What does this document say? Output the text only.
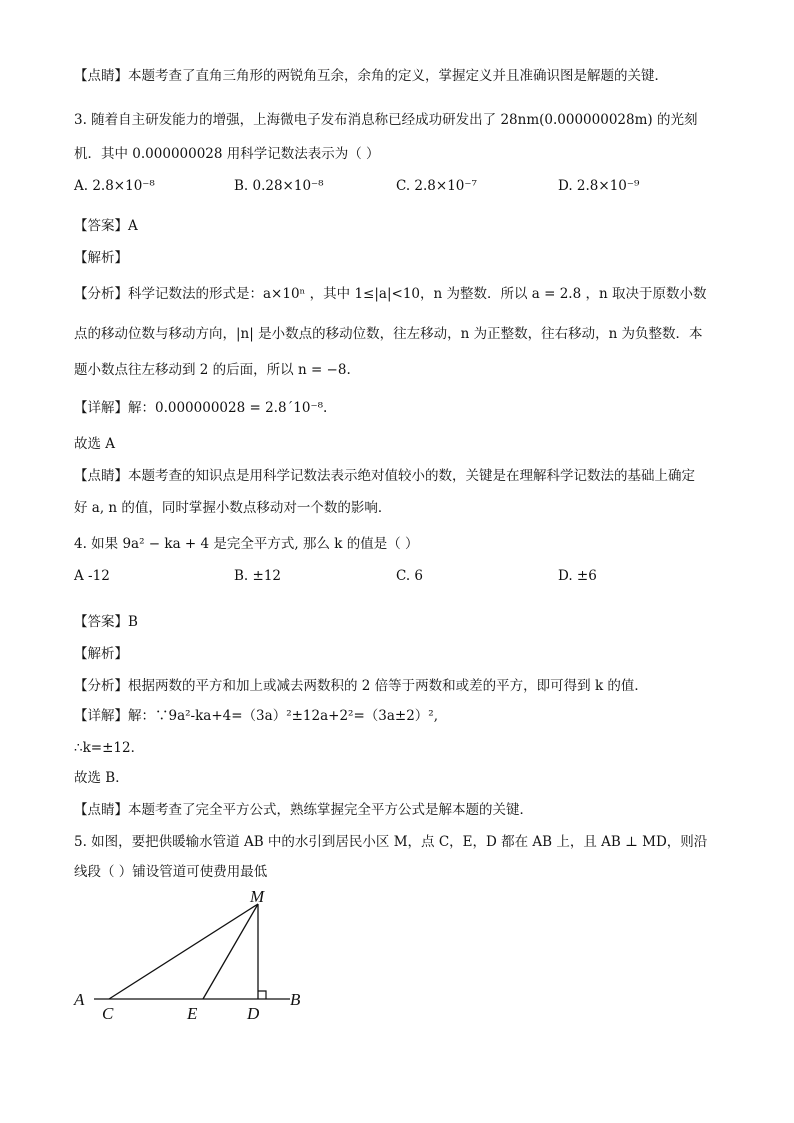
【点睛】本题考查了直角三角形的两锐角互余，余角的定义，掌握定义并且准确识图是解题的关键．
3. 随着自主研发能力的增强，上海微电子发布消息称已经成功研发出了 28nm(0.000000028m) 的光刻
机．其中 0.000000028 用科学记数法表示为（ ）
A. 2.8×10⁻⁸	B. 0.28×10⁻⁸	C. 2.8×10⁻⁷	D. 2.8×10⁻⁹
【答案】A
【解析】
【分析】科学记数法的形式是：a×10ⁿ ，其中 1≤|a|<10，n 为整数．所以 a = 2.8 ，n 取决于原数小数
点的移动位数与移动方向，|n| 是小数点的移动位数，往左移动，n 为正整数，往右移动，n 为负整数．本
题小数点往左移动到 2 的后面，所以 n = −8.
【详解】解：0.000000028 = 2.8´10⁻⁸.
故选 A
【点睛】本题考查的知识点是用科学记数法表示绝对值较小的数，关键是在理解科学记数法的基础上确定
好 a, n 的值，同时掌握小数点移动对一个数的影响．
4. 如果 9a² − ka + 4 是完全平方式, 那么 k 的值是（ ）
A -12	B. ±12	C. 6	D. ±6
【答案】B
【解析】
【分析】根据两数的平方和加上或减去两数积的 2 倍等于两数和或差的平方，即可得到 k 的值．
【详解】解：∵9a²-ka+4=（3a）²±12a+2²=（3a±2）²,
∴k=±12．
故选 B．
【点睛】本题考查了完全平方公式，熟练掌握完全平方公式是解本题的关键．
5. 如图，要把供暖输水管道 AB 中的水引到居民小区 M，点 C，E，D 都在 AB 上，且 AB ⊥ MD，则沿
线段（ ）铺设管道可使费用最低
M
A
C	E	D
B
